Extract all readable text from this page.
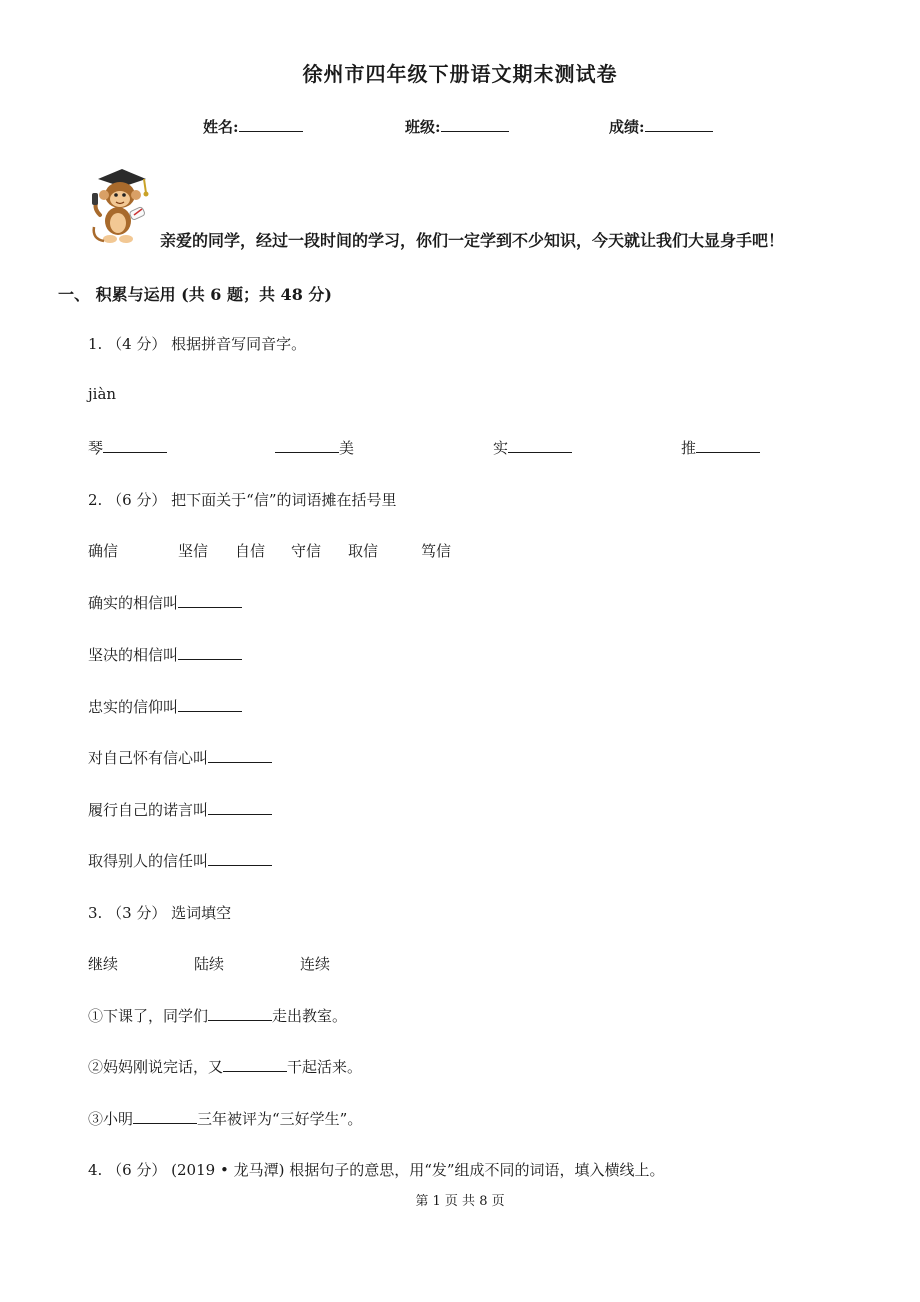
徐州市四年级下册语文期末测试卷
姓名:	班级:	成绩:
亲爱的同学，经过一段时间的学习，你们一定学到不少知识，今天就让我们大显身手吧！
一、 积累与运用 (共 6 题；共 48 分)
1. （4 分） 根据拼音写同音字。
jiàn
琴	美	实	推
2. （6 分） 把下面关于“信”的词语摊在括号里
确信	坚信 自信 守信 取信	笃信
确实的相信叫
坚决的相信叫
忠实的信仰叫
对自己怀有信心叫
履行自己的诺言叫
取得别人的信任叫
3. （3 分） 选词填空
继续	陆续	连续
①下课了，同学们	走出教室。
②妈妈刚说完话，又	干起活来。
③小明	三年被评为“三好学生”。
4. （6 分） (2019 • 龙马潭) 根据句子的意思，用“发”组成不同的词语，填入横线上。
第 1 页 共 8 页
